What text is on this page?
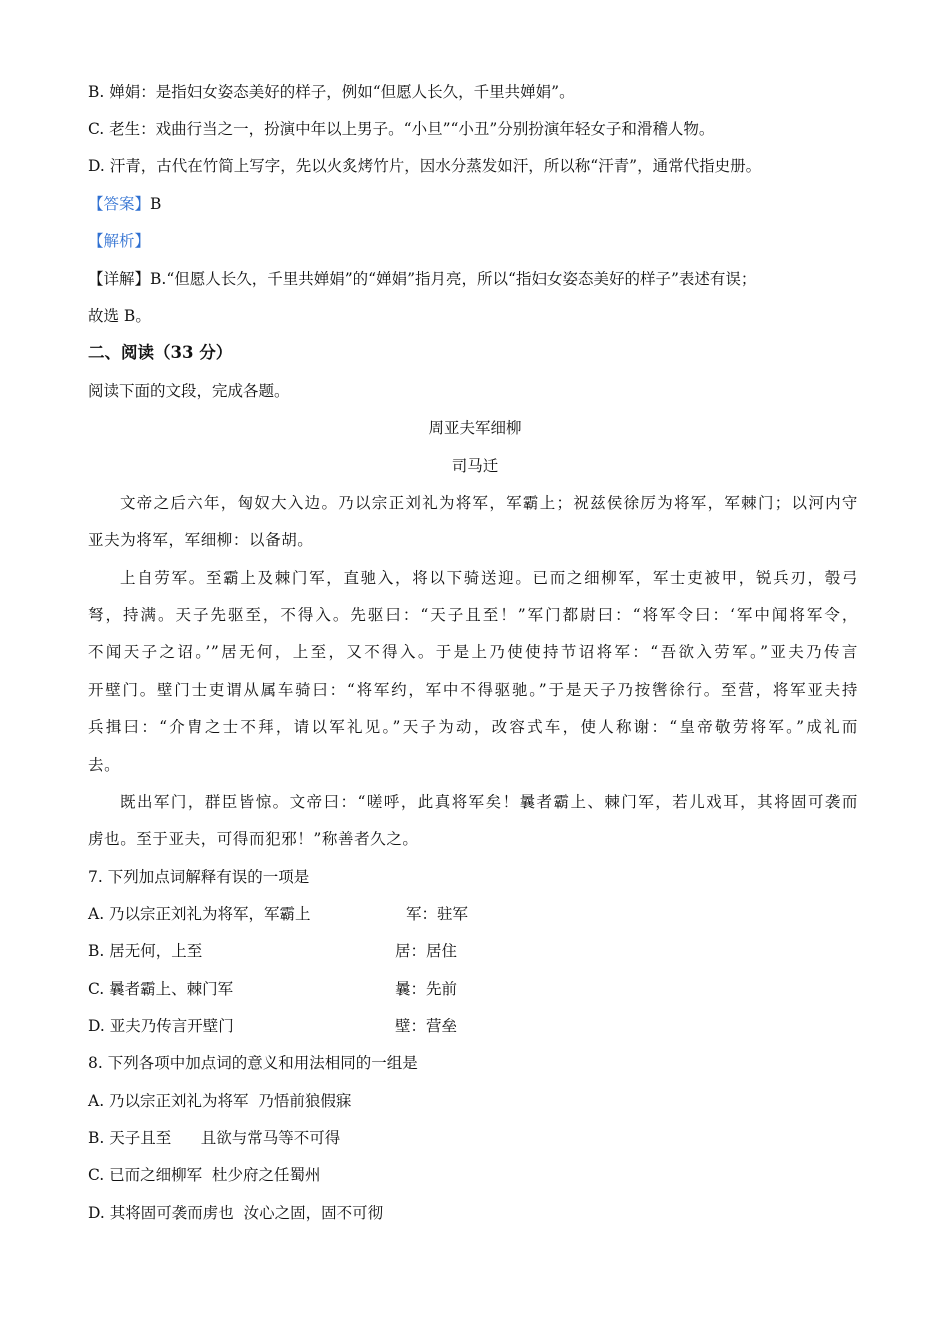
B. 婵娟：是指妇女姿态美好的样子，例如“但愿人长久，千里共婵娟”。
C. 老生：戏曲行当之一，扮演中年以上男子。“小旦”“小丑”分别扮演年轻女子和滑稽人物。
D. 汗青，古代在竹简上写字，先以火炙烤竹片，因水分蒸发如汗，所以称“汗青”，通常代指史册。
【答案】B
【解析】
【详解】B.“但愿人长久，千里共婵娟”的“婵娟”指月亮，所以“指妇女姿态美好的样子”表述有误；
故选 B。
二、阅读（33 分）
阅读下面的文段，完成各题。
周亚夫军细柳
司马迁
文帝之后六年，匈奴大入边。乃以宗正刘礼为将军，军霸上；祝兹侯徐厉为将军，军棘门；以河内守
亚夫为将军，军细柳：以备胡。
上自劳军。至霸上及棘门军，直驰入，将以下骑送迎。已而之细柳军，军士吏被甲，锐兵刃，彀弓
弩，持满。天子先驱至，不得入。先驱曰：“天子且至！”军门都尉曰：“将军令曰：‘军中闻将军令，
不闻天子之诏。’”居无何，上至，又不得入。于是上乃使使持节诏将军：“吾欲入劳军。”亚夫乃传言
开壁门。壁门士吏谓从属车骑曰：“将军约，军中不得驱驰。”于是天子乃按辔徐行。至营，将军亚夫持
兵揖曰：“介胄之士不拜，请以军礼见。”天子为动，改容式车，使人称谢：“皇帝敬劳将军。”成礼而
去。
既出军门，群臣皆惊。文帝曰：“嗟呼，此真将军矣！曩者霸上、棘门军，若儿戏耳，其将固可袭而
虏也。至于亚夫，可得而犯邪！”称善者久之。
7. 下列加点词解释有误的一项是
A. 乃以宗正刘礼为将军，军霸上	军：驻军
B. 居无何，上至	居：居住
C. 曩者霸上、棘门军	曩：先前
D. 亚夫乃传言开壁门	壁：营垒
8. 下列各项中加点词的意义和用法相同的一组是
A. 乃以宗正刘礼为将军  乃悟前狼假寐
B. 天子且至      且欲与常马等不可得
C. 已而之细柳军  杜少府之任蜀州
D. 其将固可袭而虏也  汝心之固，固不可彻
